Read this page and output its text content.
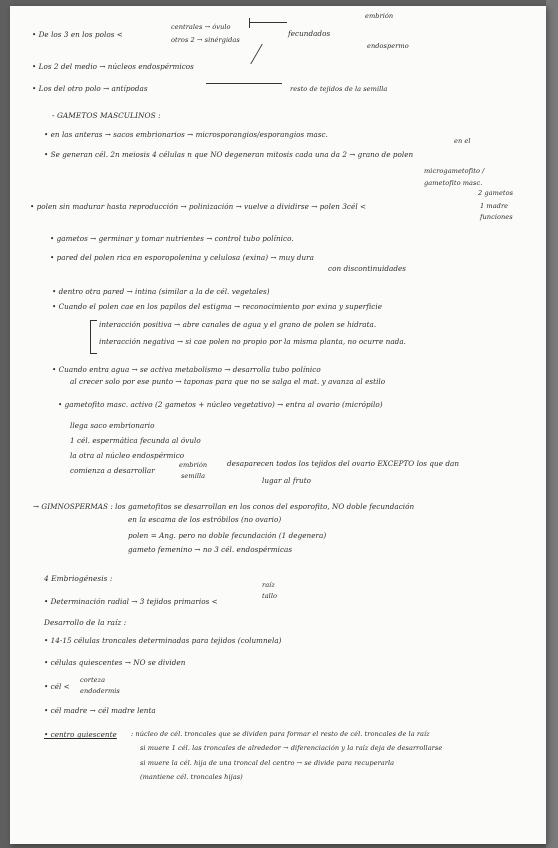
• De los 3 en los polos <
centrales → óvulo
otros 2 → sinérgidas
fecundados
embrión
endospermo
• Los 2 del medio → núcleos endospérmicos
• Los del otro polo → antípodas	resto de tejidos de la semilla
- GAMETOS MASCULINOS :
• en las anteras → sacos embrionarios → microsporangios/esporangios masc.
en el
• Se generan cél. 2n meiosis 4 células n que NO degeneran mitosis cada una da 2 → grano de polen
microgametofito /
gametofito masc.
• polen sin madurar hasta reproducción → polinización → vuelve a dividirse → polen 3cél <
2 gametos
1 madre
funciones
• gametos → germinar y tomar nutrientes → control tubo polínico.
• pared del polen rica en esporopolenina y celulosa (exina) → muy dura
con discontinuidades
• dentro otra pared → intina (similar a la de cél. vegetales)
• Cuando el polen cae en los papilos del estigma → reconocimiento por exina y superficie
interacción positiva → abre canales de agua y el grano de polen se hidrata.
interacción negativa → si cae polen no propio por la misma planta, no ocurre nada.
• Cuando entra agua → se activa metabolismo → desarrolla tubo polínico
al crecer solo por ese punto → taponas para que no se salga el mat. y avanza al estilo
• gametofito masc. activo (2 gametos + núcleo vegetativo) → entra al ovario (micrópilo)
llega saco embrionario
1 cél. espermática fecunda al óvulo
la otra al núcleo endospérmico
comienza a desarrollar
embrión
semilla
desaparecen todos los tejidos del ovario EXCEPTO los que dan
lugar al fruto
→ GIMNOSPERMAS : los gametofitos se desarrollan en los conos del esporofito, NO doble fecundación
en la escama de los estróbilos (no ovario)
polen = Ang. pero no doble fecundación (1 degenera)
gameto femenino → no 3 cél. endospérmicas
4 Embriogénesis :
• Determinación radial → 3 tejidos primarios <
raíz
tallo
Desarrollo de la raíz :
• 14-15 células troncales determinadas para tejidos (columnela)
• células quiescentes → NO se dividen
• cél <
corteza
endodermis
• cél madre → cél madre lenta
• centro quiescente : núcleo de cél. troncales que se dividen para formar el resto de cél. troncales de la raíz
si muere 1 cél. las troncales de alrededor → diferenciación y la raíz deja de desarrollarse
si muere la cél. hija de una troncal del centro → se divide para recuperarla
(mantiene cél. troncales hijas)
